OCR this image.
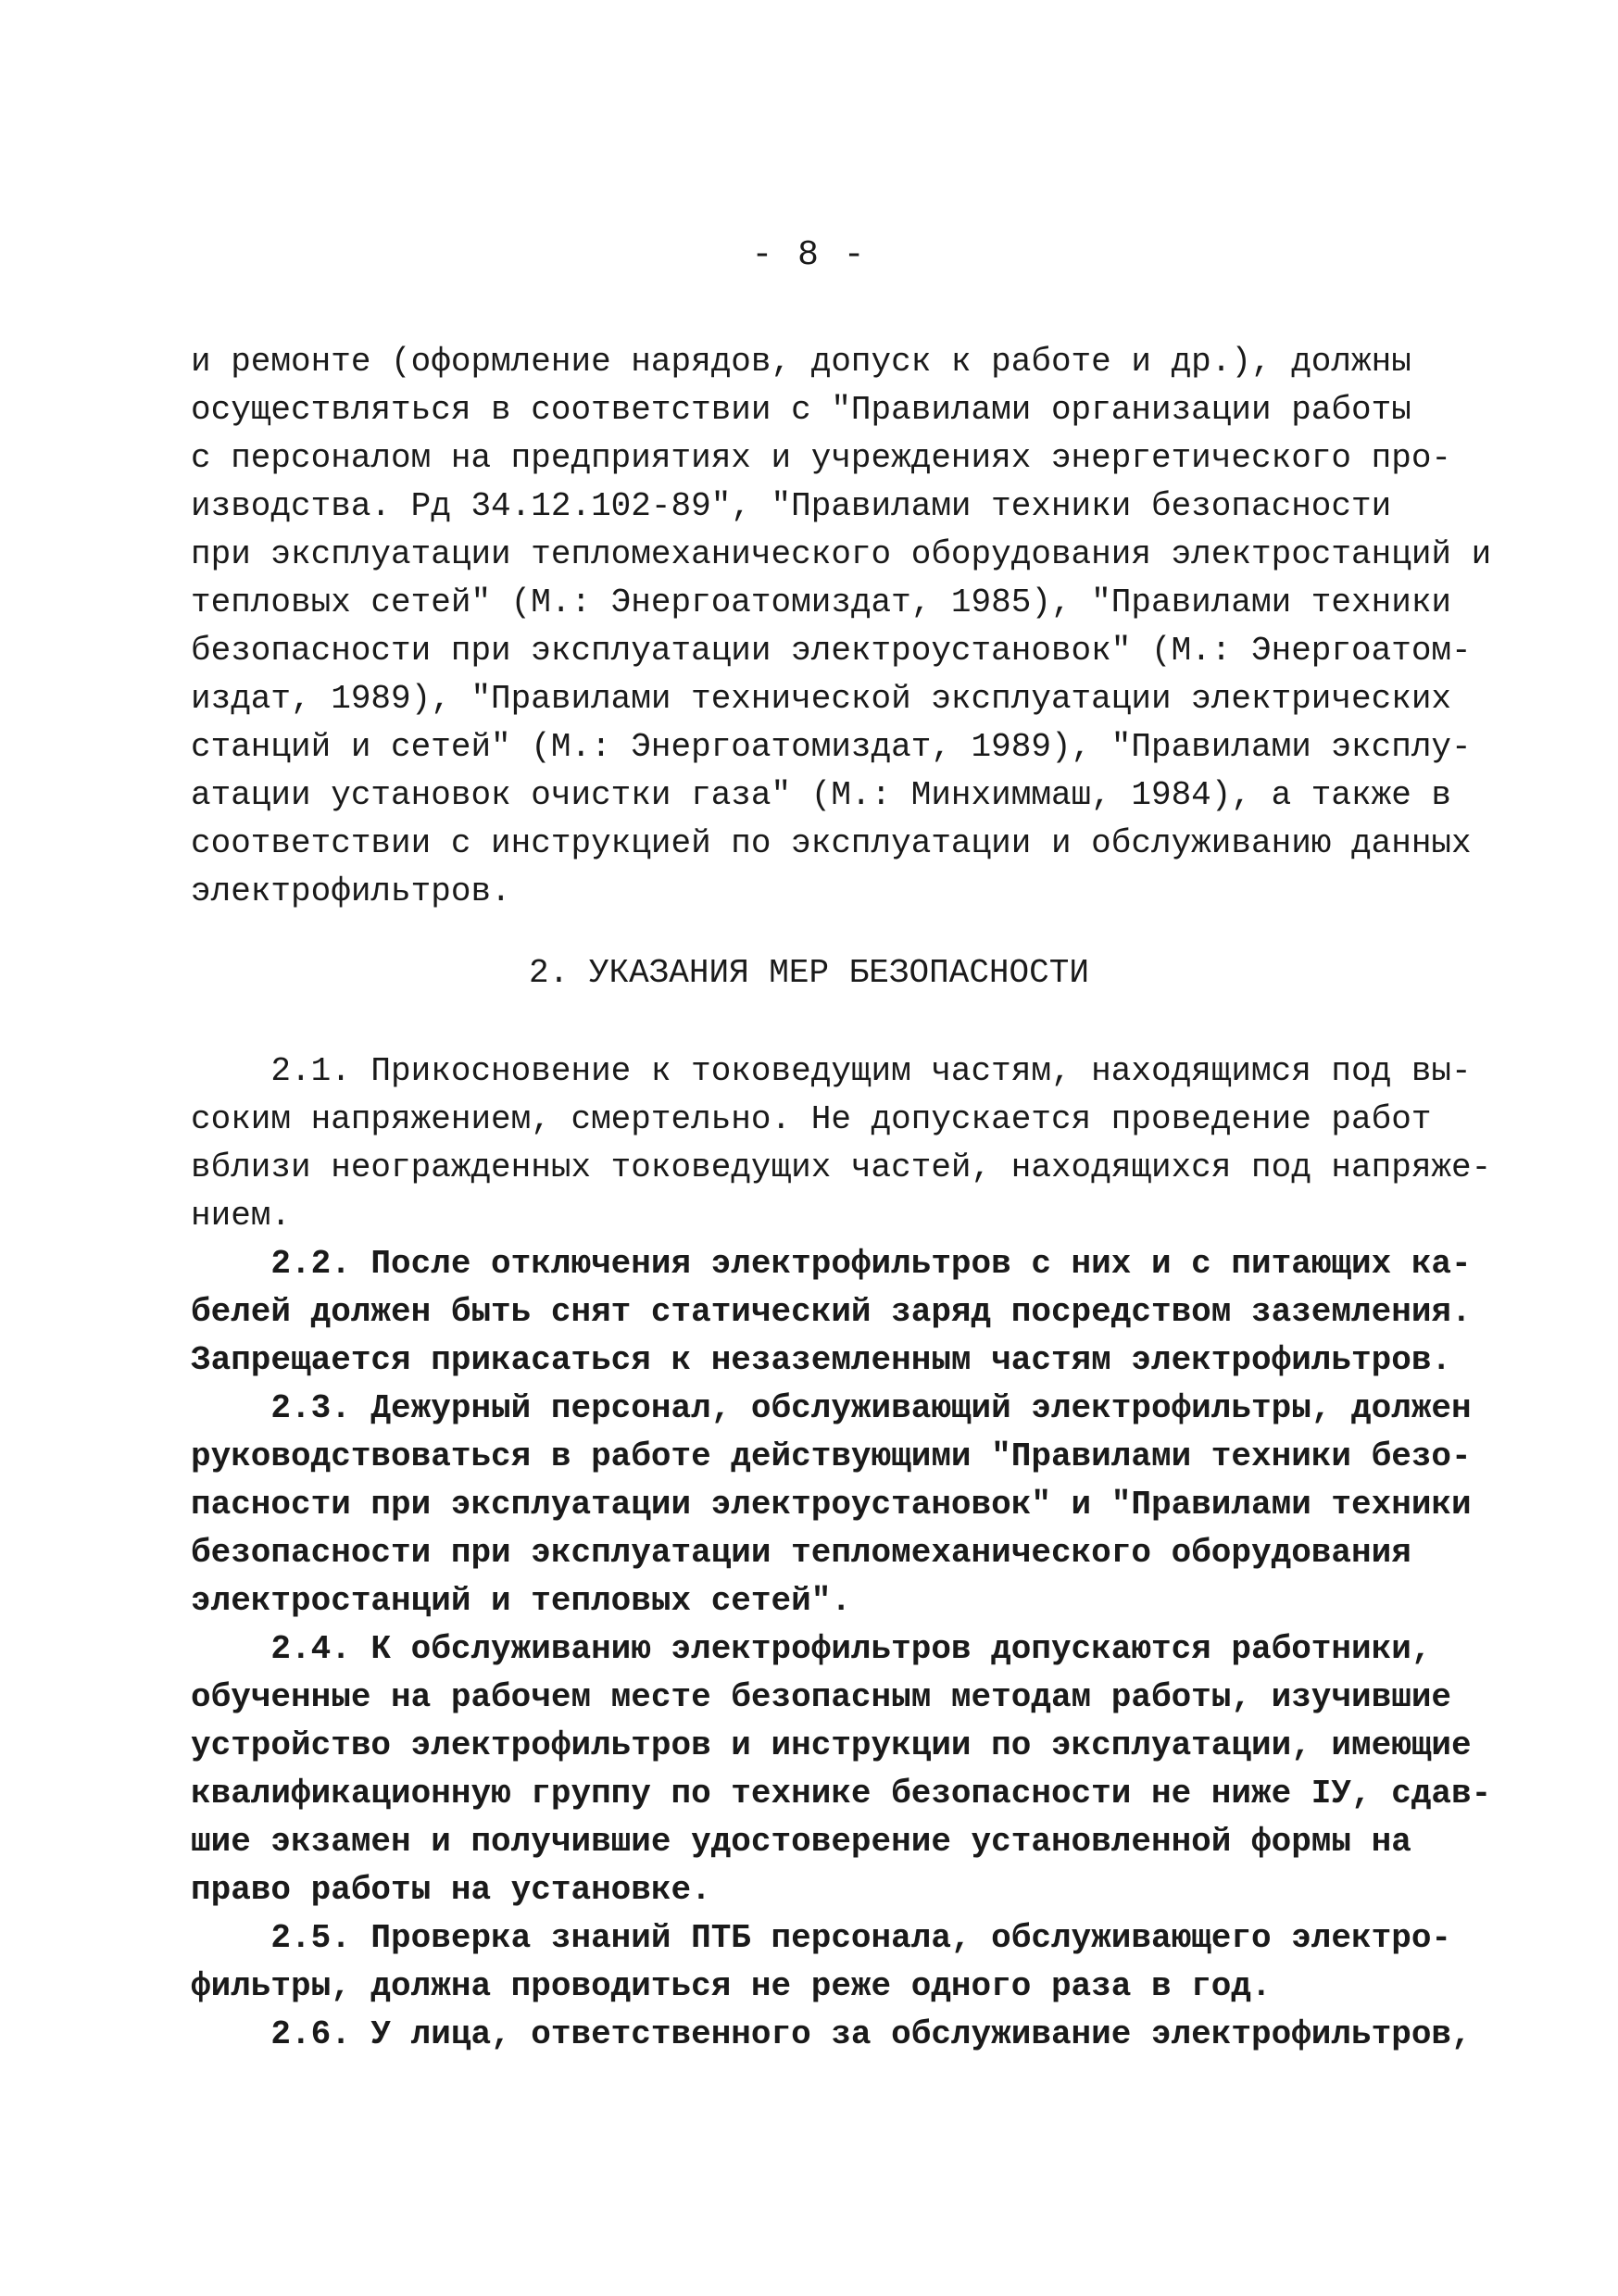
- 8 -
и ремонте (оформление нарядов, допуск к работе и др.), должны
осуществляться в соответствии с "Правилами организации работы
с персоналом на предприятиях и учреждениях энергетического про-
изводства. Рд 34.12.102-89", "Правилами техники безопасности
при эксплуатации тепломеханического оборудования электростанций и
тепловых сетей" (М.: Энергоатомиздат, 1985), "Правилами техники
безопасности при эксплуатации электроустановок" (М.: Энергоатом-
издат, 1989), "Правилами технической эксплуатации электрических
станций и сетей" (М.: Энергоатомиздат, 1989), "Правилами эксплу-
атации установок очистки газа" (М.: Минхиммаш, 1984), а также в
соответствии с инструкцией по эксплуатации и обслуживанию данных
электрофильтров.
2. УКАЗАНИЯ МЕР БЕЗОПАСНОСТИ
2.1. Прикосновение к токоведущим частям, находящимся под вы-
соким напряжением, смертельно. Не допускается проведение работ
вблизи неогражденных токоведущих частей, находящихся под напряже-
нием.
2.2. После отключения электрофильтров с них и с питающих ка-
белей должен быть снят статический заряд посредством заземления.
Запрещается прикасаться к незаземленным частям электрофильтров.
2.3. Дежурный персонал, обслуживающий электрофильтры, должен
руководствоваться в работе действующими "Правилами техники безо-
пасности при эксплуатации электроустановок" и "Правилами техники
безопасности при эксплуатации тепломеханического оборудования
электростанций и тепловых сетей".
2.4. К обслуживанию электрофильтров допускаются работники,
обученные на рабочем месте безопасным методам работы, изучившие
устройство электрофильтров и инструкции по эксплуатации, имеющие
квалификационную группу по технике безопасности не ниже IУ, сдав-
шие экзамен и получившие удостоверение установленной формы на
право работы на установке.
2.5. Проверка знаний ПТБ персонала, обслуживающего электро-
фильтры, должна проводиться не реже одного раза в год.
2.6. У лица, ответственного за обслуживание электрофильтров,
